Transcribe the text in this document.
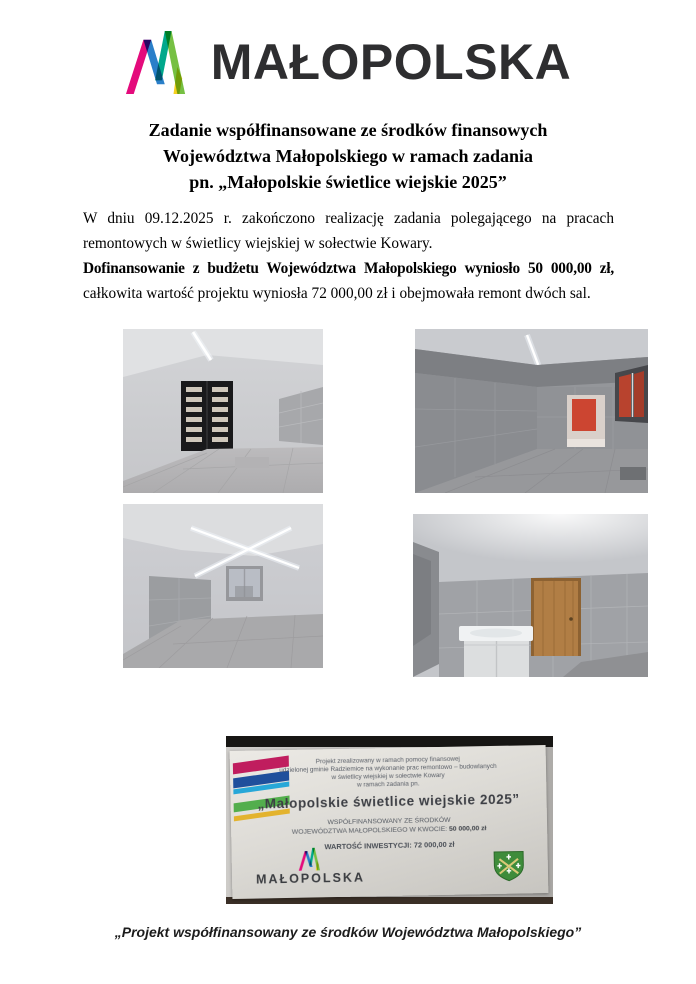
MAŁOPOLSKA
Zadanie współfinansowane ze środków finansowych
Województwa Małopolskiego w ramach zadania
pn. „Małopolskie świetlice wiejskie 2025”
W dniu 09.12.2025 r. zakończono realizację zadania polegającego na pracach
remontowych w świetlicy wiejskiej w sołectwie Kowary.
Dofinansowanie z budżetu Województwa Małopolskiego wyniosło 50 000,00 zł,
całkowita wartość projektu wyniosła 72 000,00 zł i obejmowała remont dwóch sal.
Projekt zrealizowany w ramach pomocy finansowej
udzielonej gminie Radziemice na wykonanie prac remontowo – budowlanych
w świetlicy wiejskiej w sołectwie Kowary
w ramach zadania pn.
„Małopolskie świetlice wiejskie 2025”
WSPÓŁFINANSOWANY ZE ŚRODKÓW
WOJEWÓDZTWA MAŁOPOLSKIEGO W KWOCIE: 50 000,00 zł
WARTOŚĆ INWESTYCJI: 72 000,00 zł
MAŁOPOLSKA
„Projekt współfinansowany ze środków Województwa Małopolskiego”
